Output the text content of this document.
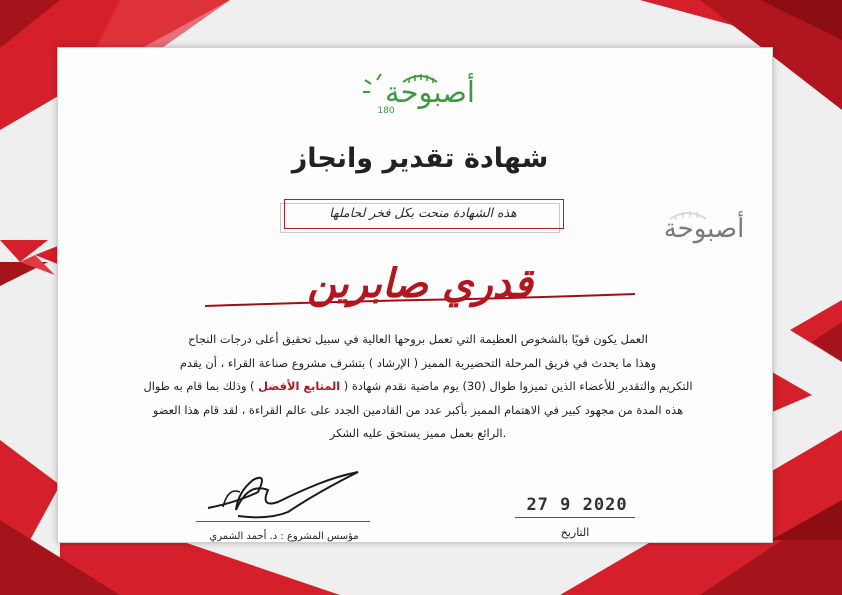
أصبوحة
180
أصبوحة
شهادة تقدير وانجاز
هذه الشهادة منحت بكل فخر لحاملها
قدري صابرين
العمل يكون قويًا بالشخوص العظيمة التي تعمل بروحها العالية في سبيل تحقيق أعلى درجات النجاح
وهذا ما يحدث في فريق المرحلة التحضيرية المميز ( الإرشاد ) بتشرف مشروع صناعة القراء ، أن يقدم
التكريم والتقدير للأعضاء الذين تميزوا طوال (30) يوم ماضية نقدم شهادة ( المتابع الأفضل ) وذلك بما قام به طوال
هذه المدة من مجهود كبير في الاهتمام المميز بأكبر عدد من القادمين الجدد على عالم القراءة ، لقد قام هذا العضو
.الرائع بعمل مميز يستحق عليه الشكر
مؤسس المشروع : د. أحمد الشمري
27 9 2020
التاريخ
